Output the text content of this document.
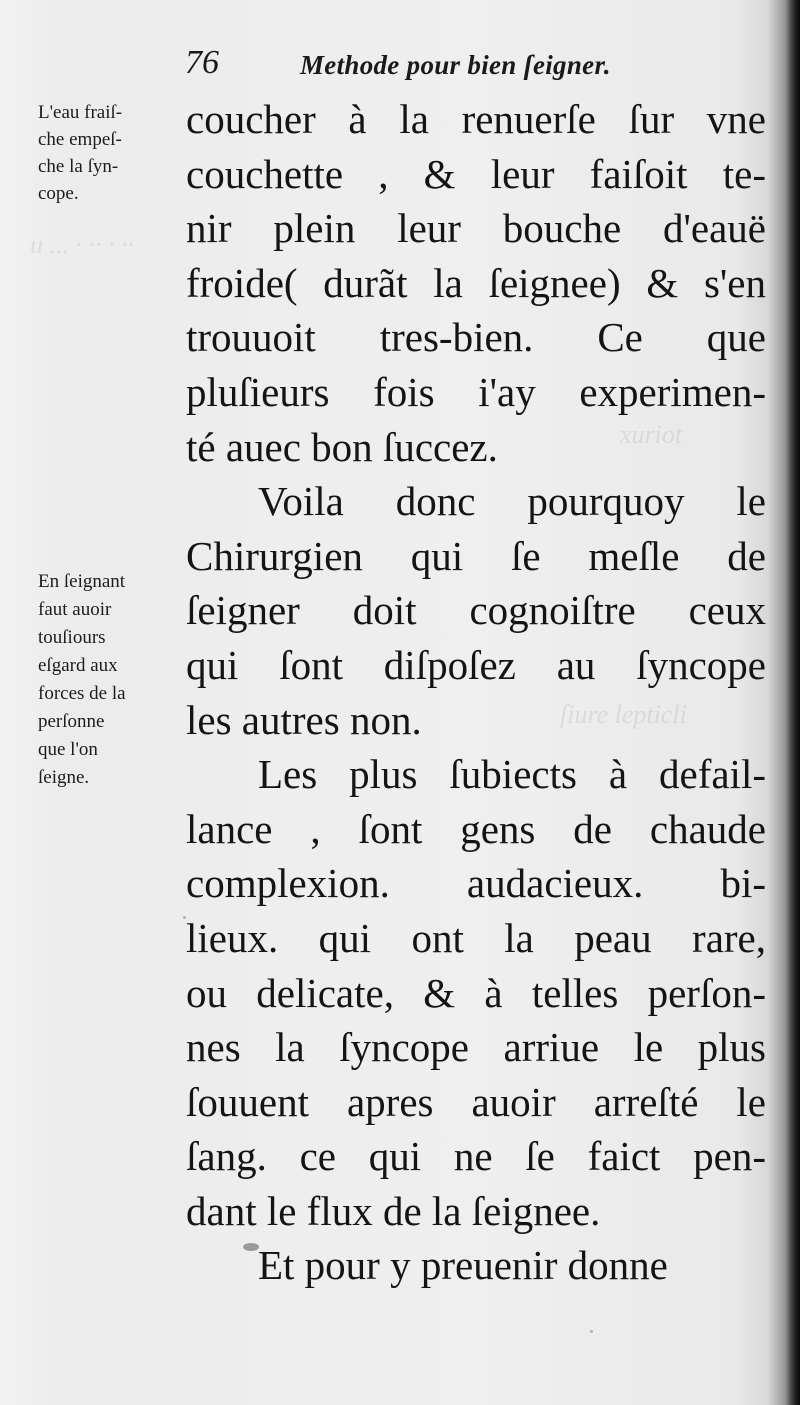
u ... · ·· · ··
xuriot
ſiure lepticli
76	Methode pour bien ſeigner.
L'eau fraiſ-
che empeſ-
che la ſyn-
cope.
En ſeignant
faut auoir
touſiours
eſgard aux
forces de la
perſonne
que l'on
ſeigne.
coucher à la renuerſe ſur vne
couchette , & leur faiſoit te-
nir plein leur bouche d'eauë
froide( durãt la ſeignee) & s'en
trouuoit tres-bien. Ce que
pluſieurs fois i'ay experimen-
té auec bon ſuccez.
Voila donc pourquoy le
Chirurgien qui ſe meſle de
ſeigner doit cognoiſtre ceux
qui ſont diſpoſez au ſyncope
les autres non.
Les plus ſubiects à defail-
lance , ſont gens de chaude
complexion. audacieux. bi-
lieux. qui ont la peau rare,
ou delicate, & à telles perſon-
nes la ſyncope arriue le plus
ſouuent apres auoir arreſté le
ſang. ce qui ne ſe faict pen-
dant le flux de la ſeignee.
Et pour y preuenir donne
